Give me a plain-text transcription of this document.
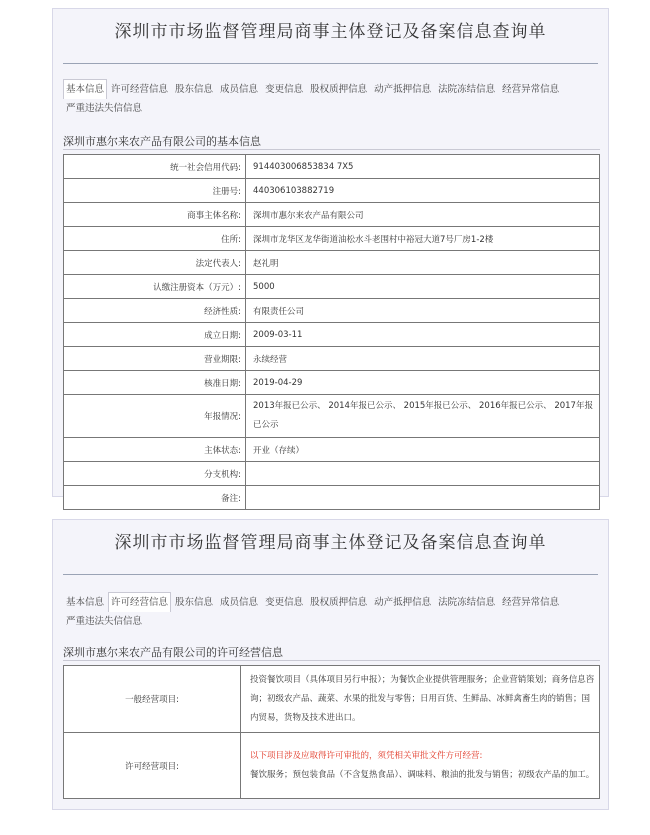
深圳市市场监督管理局商事主体登记及备案信息查询单
基本信息 许可经营信息 股东信息 成员信息 变更信息 股权质押信息 动产抵押信息 法院冻结信息 经营异常信息严重违法失信信息
深圳市惠尔来农产品有限公司的基本信息
统一社会信用代码:	914403006853834 7X5
注册号:	440306103882719
商事主体名称:	深圳市惠尔来农产品有限公司
住所:	深圳市龙华区龙华街道油松水斗老围村中裕冠大道7号厂房1-2楼
法定代表人:	赵礼明
认缴注册资本（万元）:	5000
经济性质:	有限责任公司
成立日期:	2009-03-11
营业期限:	永续经营
核准日期:	2019-04-29
年报情况:	2013年报已公示、 2014年报已公示、 2015年报已公示、 2016年报已公示、 2017年报已公示
主体状态:	开业（存续）
分支机构:	
备注:	
深圳市市场监督管理局商事主体登记及备案信息查询单
基本信息 许可经营信息 股东信息 成员信息 变更信息 股权质押信息 动产抵押信息 法院冻结信息 经营异常信息严重违法失信信息
深圳市惠尔来农产品有限公司的许可经营信息
一般经营项目:	投资餐饮项目（具体项目另行申报）；为餐饮企业提供管理服务；企业营销策划；商务信息咨询；初级农产品、蔬菜、水果的批发与零售；日用百货、生鲜品、冰鲜禽畜生肉的销售；国内贸易，货物及技术进出口。
许可经营项目:	以下项目涉及应取得许可审批的，须凭相关审批文件方可经营:
餐饮服务；预包装食品（不含复热食品）、调味料、粮油的批发与销售；初级农产品的加工。
